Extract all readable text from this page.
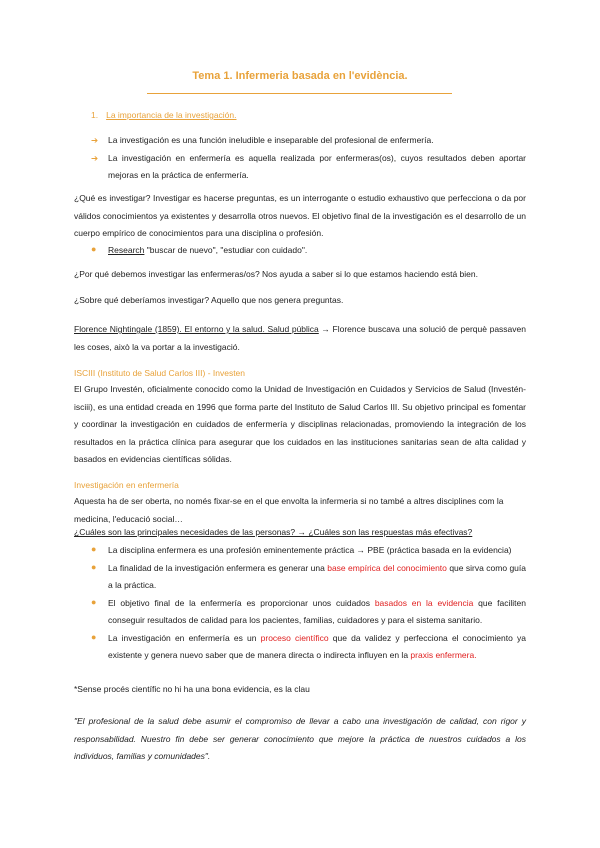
Tema 1. Infermeria basada en l'evidència.
1. La importancia de la investigación.
➔ La investigación es una función ineludible e inseparable del profesional de enfermería.
➔ La investigación en enfermería es aquella realizada por enfermeras(os), cuyos resultados deben aportar mejoras en la práctica de enfermería.
¿Qué es investigar? Investigar es hacerse preguntas, es un interrogante o estudio exhaustivo que perfecciona o da por válidos conocimientos ya existentes y desarrolla otros nuevos. El objetivo final de la investigación es el desarrollo de un cuerpo empírico de conocimientos para una disciplina o profesión.
● Research "buscar de nuevo", "estudiar con cuidado".
¿Por qué debemos investigar las enfermeras/os? Nos ayuda a saber si lo que estamos haciendo está bien.
¿Sobre qué deberíamos investigar? Aquello que nos genera preguntas.
Florence Nightingale (1859). El entorno y la salud. Salud pública → Florence buscava una solució de perquè passaven les coses, això la va portar a la investigació.
ISCIII (Instituto de Salud Carlos III) - Investen
El Grupo Investén, oficialmente conocido como la Unidad de Investigación en Cuidados y Servicios de Salud (Investén-isciii), es una entidad creada en 1996 que forma parte del Instituto de Salud Carlos III. Su objetivo principal es fomentar y coordinar la investigación en cuidados de enfermería y disciplinas relacionadas, promoviendo la integración de los resultados en la práctica clínica para asegurar que los cuidados en las instituciones sanitarias sean de alta calidad y basados en evidencias científicas sólidas.
Investigación en enfermería
Aquesta ha de ser oberta, no només fixar-se en el que envolta la infermeria si no també a altres disciplines com la medicina, l'educació social…
¿Cuáles son las principales necesidades de las personas? → ¿Cuáles son las respuestas más efectivas?
● La disciplina enfermera es una profesión eminentemente práctica → PBE (práctica basada en la evidencia)
● La finalidad de la investigación enfermera es generar una base empírica del conocimiento que sirva como guía a la práctica.
● El objetivo final de la enfermería es proporcionar unos cuidados basados en la evidencia que faciliten conseguir resultados de calidad para los pacientes, familias, cuidadores y para el sistema sanitario.
● La investigación en enfermería es un proceso científico que da validez y perfecciona el conocimiento ya existente y genera nuevo saber que de manera directa o indirecta influyen en la praxis enfermera.
*Sense procés científic no hi ha una bona evidencia, es la clau
"El profesional de la salud debe asumir el compromiso de llevar a cabo una investigación de calidad, con rigor y responsabilidad. Nuestro fin debe ser generar conocimiento que mejore la práctica de nuestros cuidados a los individuos, familias y comunidades".
